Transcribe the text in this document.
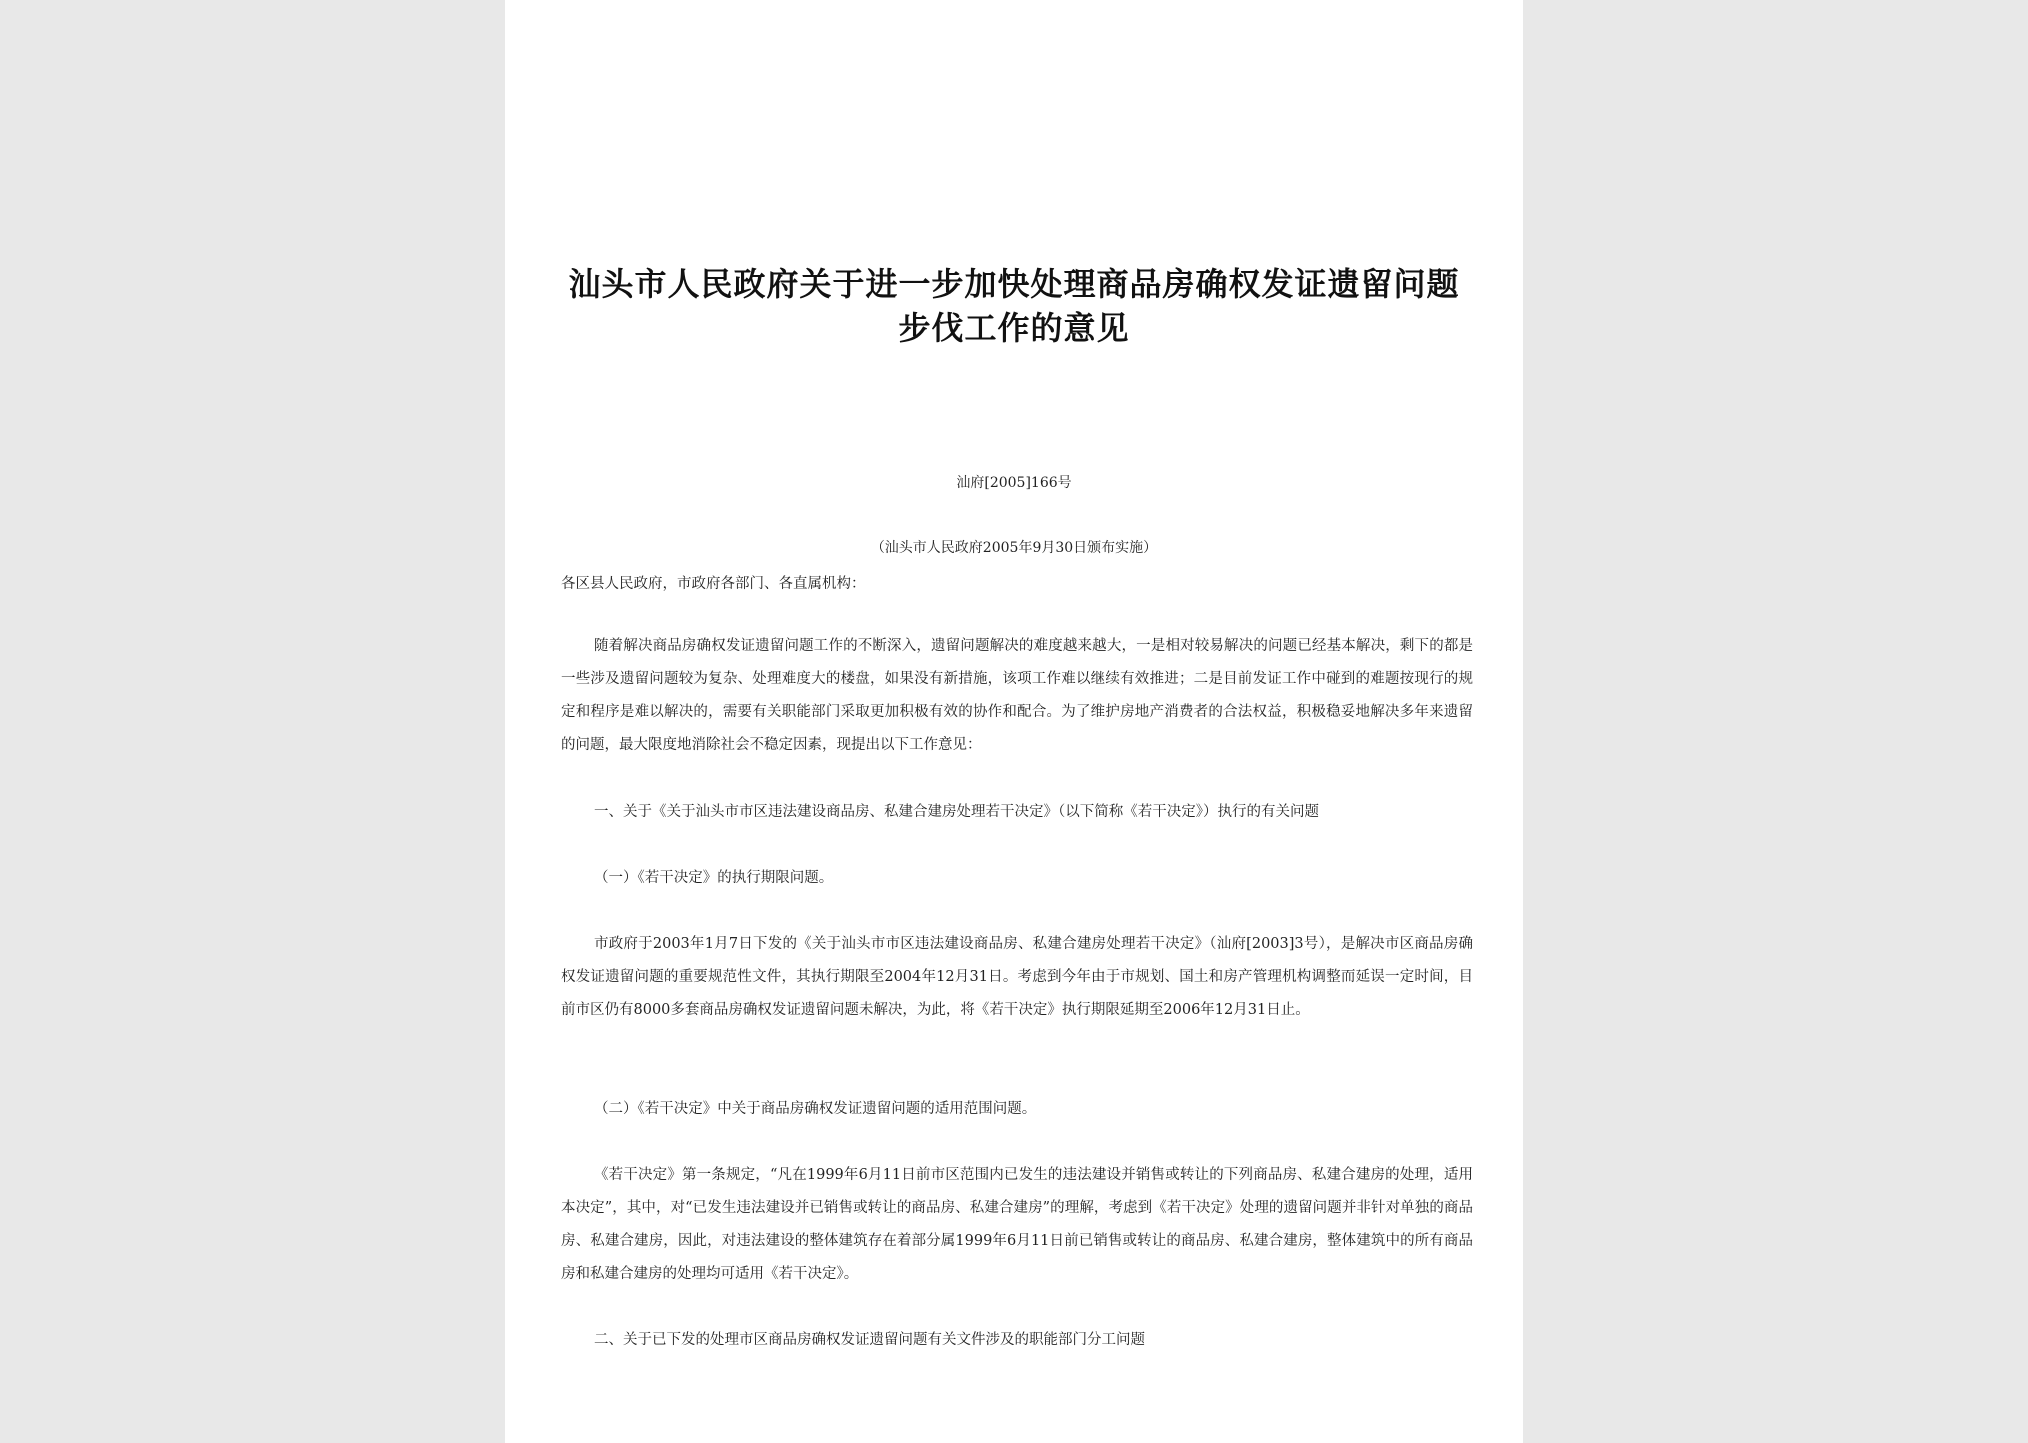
汕头市人民政府关于进一步加快处理商品房确权发证遗留问题步伐工作的意见
汕府[2005]166号
（汕头市人民政府2005年9月30日颁布实施）
各区县人民政府，市政府各部门、各直属机构：
随着解决商品房确权发证遗留问题工作的不断深入，遗留问题解决的难度越来越大，一是相对较易解决的问题已经基本解决，剩下的都是一些涉及遗留问题较为复杂、处理难度大的楼盘，如果没有新措施，该项工作难以继续有效推进；二是目前发证工作中碰到的难题按现行的规定和程序是难以解决的，需要有关职能部门采取更加积极有效的协作和配合。为了维护房地产消费者的合法权益，积极稳妥地解决多年来遗留的问题，最大限度地消除社会不稳定因素，现提出以下工作意见：
一、关于《关于汕头市市区违法建设商品房、私建合建房处理若干决定》（以下简称《若干决定》）执行的有关问题
（一）《若干决定》的执行期限问题。
市政府于2003年1月7日下发的《关于汕头市市区违法建设商品房、私建合建房处理若干决定》（汕府[2003]3号），是解决市区商品房确权发证遗留问题的重要规范性文件，其执行期限至2004年12月31日。考虑到今年由于市规划、国土和房产管理机构调整而延误一定时间，目前市区仍有8000多套商品房确权发证遗留问题未解决，为此，将《若干决定》执行期限延期至2006年12月31日止。
（二）《若干决定》中关于商品房确权发证遗留问题的适用范围问题。
《若干决定》第一条规定，“凡在1999年6月11日前市区范围内已发生的违法建设并销售或转让的下列商品房、私建合建房的处理，适用本决定”，其中，对“已发生违法建设并已销售或转让的商品房、私建合建房”的理解，考虑到《若干决定》处理的遗留问题并非针对单独的商品房、私建合建房，因此，对违法建设的整体建筑存在着部分属1999年6月11日前已销售或转让的商品房、私建合建房，整体建筑中的所有商品房和私建合建房的处理均可适用《若干决定》。
二、关于已下发的处理市区商品房确权发证遗留问题有关文件涉及的职能部门分工问题
